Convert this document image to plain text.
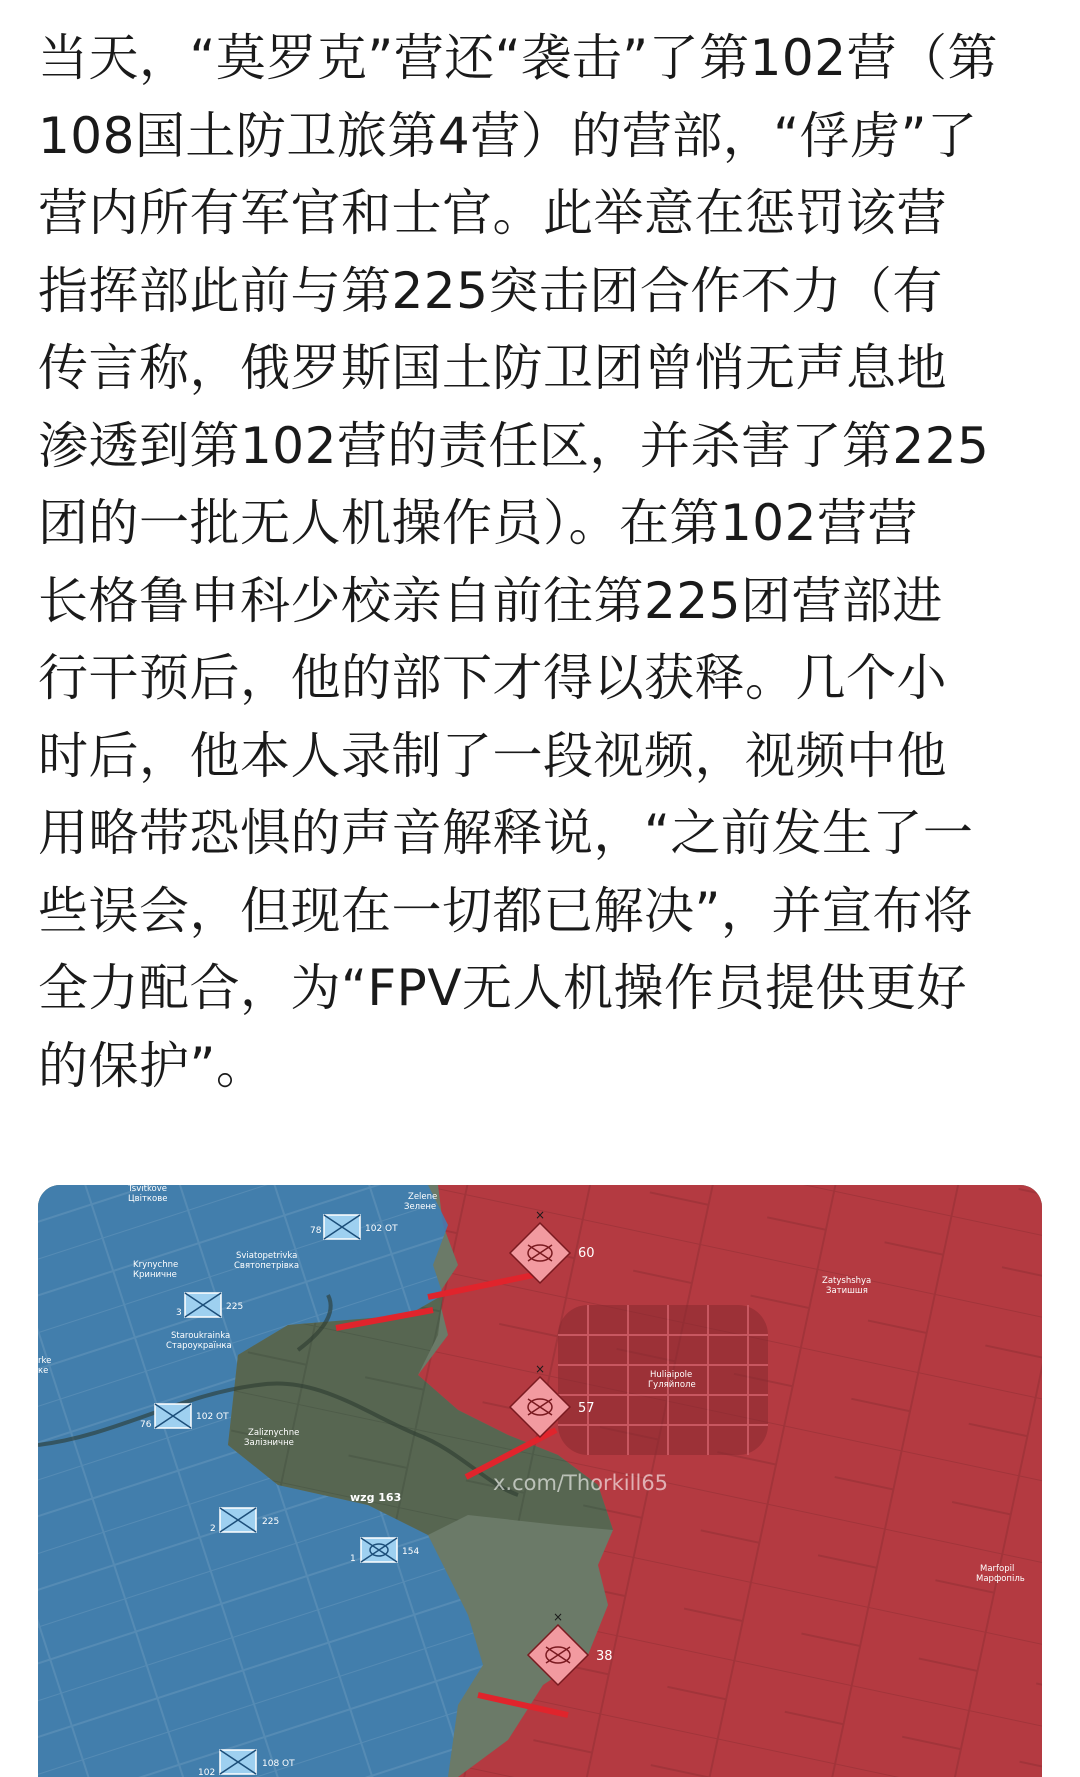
当天，“莫罗克”营还“袭击”了第102营（第
108国土防卫旅第4营）的营部，“俘虏”了
营内所有军官和士官。此举意在惩罚该营
指挥部此前与第225突击团合作不力（有
传言称，俄罗斯国土防卫团曾悄无声息地
渗透到第102营的责任区，并杀害了第225
团的一批无人机操作员）。在第102营营
长格鲁申科少校亲自前往第225团营部进
行干预后，他的部下才得以获释。几个小
时后，他本人录制了一段视频，视频中他
用略带恐惧的声音解释说，“之前发生了一
些误会，但现在一切都已解决”，并宣布将
全力配合，为“FPV无人机操作员提供更好
的保护”。
Tsvitkove
Цвіткове	Zelene
Зелене
Krynychne
Криничне
Sviatopetrivka
Святопетрівка
Staroukrainka
Староукраїнка
Zaliznychne
Залізничне
Huliaipole
Гуляйполе
Zatyshshya
Затишшя
Marfopil
Марфопіль
rke
ке
102 ОТ
78
225
3
102 ОТ
76
225
2
154
1
108 ОТ
102
×
60
×
57
×
38
wzg 163
x.com/Thorkill65
